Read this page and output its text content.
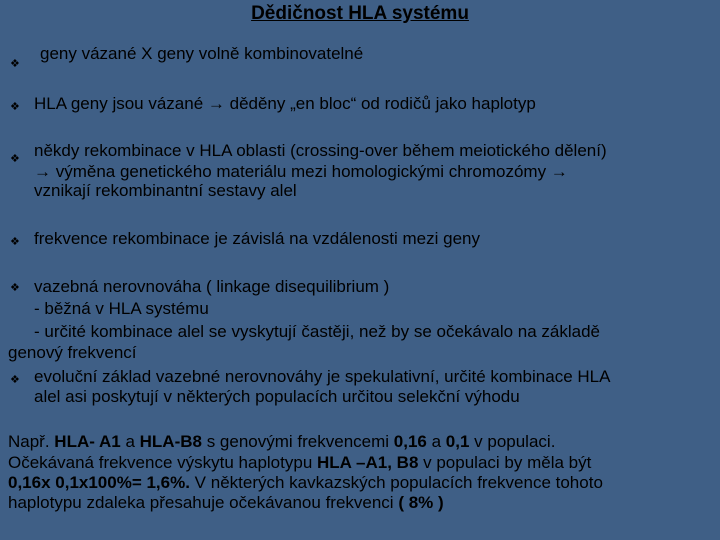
Dědičnost HLA systému
❖
geny vázané X geny volně kombinovatelné
❖ HLA geny jsou vázané → děděny „en bloc“ od rodičů jako haplotyp
❖ někdy rekombinace v HLA oblasti (crossing-over během meiotického dělení)
→ výměna genetického materiálu mezi homologickými chromozómy →
vznikají rekombinantní sestavy alel
❖ frekvence rekombinace je závislá na vzdálenosti mezi geny
❖ vazebná nerovnováha ( linkage disequilibrium )
- běžná v HLA systému
- určité kombinace alel se vyskytují častěji, než by se očekávalo na základě
genový frekvencí
❖ evoluční základ vazebné nerovnováhy je spekulativní, určité kombinace HLA
alel asi poskytují v některých populacích určitou selekční výhodu
Např. HLA- A1 a HLA-B8 s genovými frekvencemi 0,16 a 0,1 v populaci.
Očekávaná frekvence výskytu haplotypu HLA –A1, B8 v populaci by měla být
0,16x 0,1x100%= 1,6%. V některých kavkazských populacích frekvence tohoto
haplotypu zdaleka přesahuje očekávanou frekvenci ( 8% )
